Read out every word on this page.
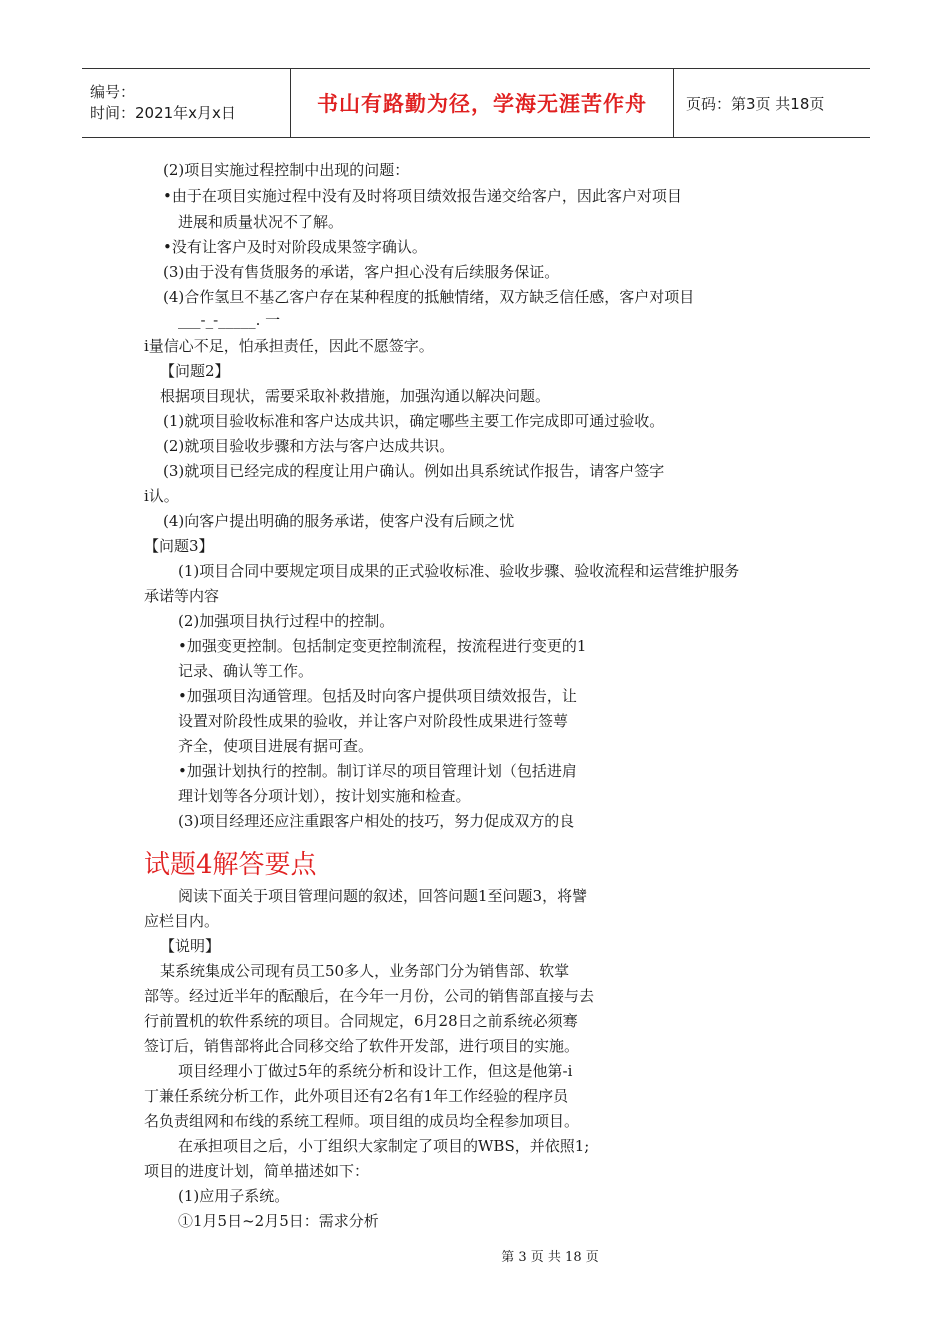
编号：
时间：2021年x月x日	书山有路勤为径，学海无涯苦作舟	页码：第3页 共18页
(2)项目实施过程控制中出现的问题：
•由于在项目实施过程中没有及时将项目绩效报告递交给客户，因此客户对项目
进展和质量状况不了解。
•没有让客户及时对阶段成果签字确认。
(3)由于没有售货服务的承诺，客户担心没有后续服务保证。
(4)合作氢旦不基乙客户存在某种程度的抵触情绪，双方缺乏信任感，客户对项目
___-_-_____. 一
i量信心不足，怕承担责任，因此不愿签字。
【问题2】
根据项目现状，需要采取补救措施，加强沟通以解决问题。
(1)就项目验收标准和客户达成共识，确定哪些主要工作完成即可通过验收。
(2)就项目验收步骤和方法与客户达成共识。
(3)就项目已经完成的程度让用户确认。例如出具系统试作报告，请客户签字
i认。
(4)向客户提出明确的服务承诺，使客户没有后顾之忧
【问题3】
(1)项目合同中要规定项目成果的正式验收标准、验收步骤、验收流程和运营维护服务
承诺等内容
(2)加强项目执行过程中的控制。
•加强变更控制。包括制定变更控制流程，按流程进行变更的1
记录、确认等工作。
•加强项目沟通管理。包括及时向客户提供项目绩效报告，让
设置对阶段性成果的验收，并让客户对阶段性成果进行签萼
齐全，使项目进展有据可查。
•加强计划执行的控制。制订详尽的项目管理计划（包括进肩
理计划等各分项计划），按计划实施和检查。
(3)项目经理还应注重跟客户相处的技巧，努力促成双方的良
试题4解答要点
阅读下面关于项目管理问题的叙述，回答问题1至问题3，将譬
应栏目内。
【说明】
某系统集成公司现有员工50多人，业务部门分为销售部、软掌
部等。经过近半年的酝酿后，在今年一月份，公司的销售部直接与去
行前置机的软件系统的项目。合同规定，6月28日之前系统必须骞
签订后，销售部将此合同移交给了软件开发部，进行项目的实施。
项目经理小丁做过5年的系统分析和设计工作，但这是他第-i
丁兼任系统分析工作，此外项目还有2名有1年工作经验的程序员
名负责组网和布线的系统工程师。项目组的成员均全程参加项目。
在承担项目之后，小丁组织大家制定了项目的WBS，并依照1;
项目的进度计划，简单描述如下：
(1)应用子系统。
①1月5日~2月5日：需求分析
第 3 页 共 18 页
